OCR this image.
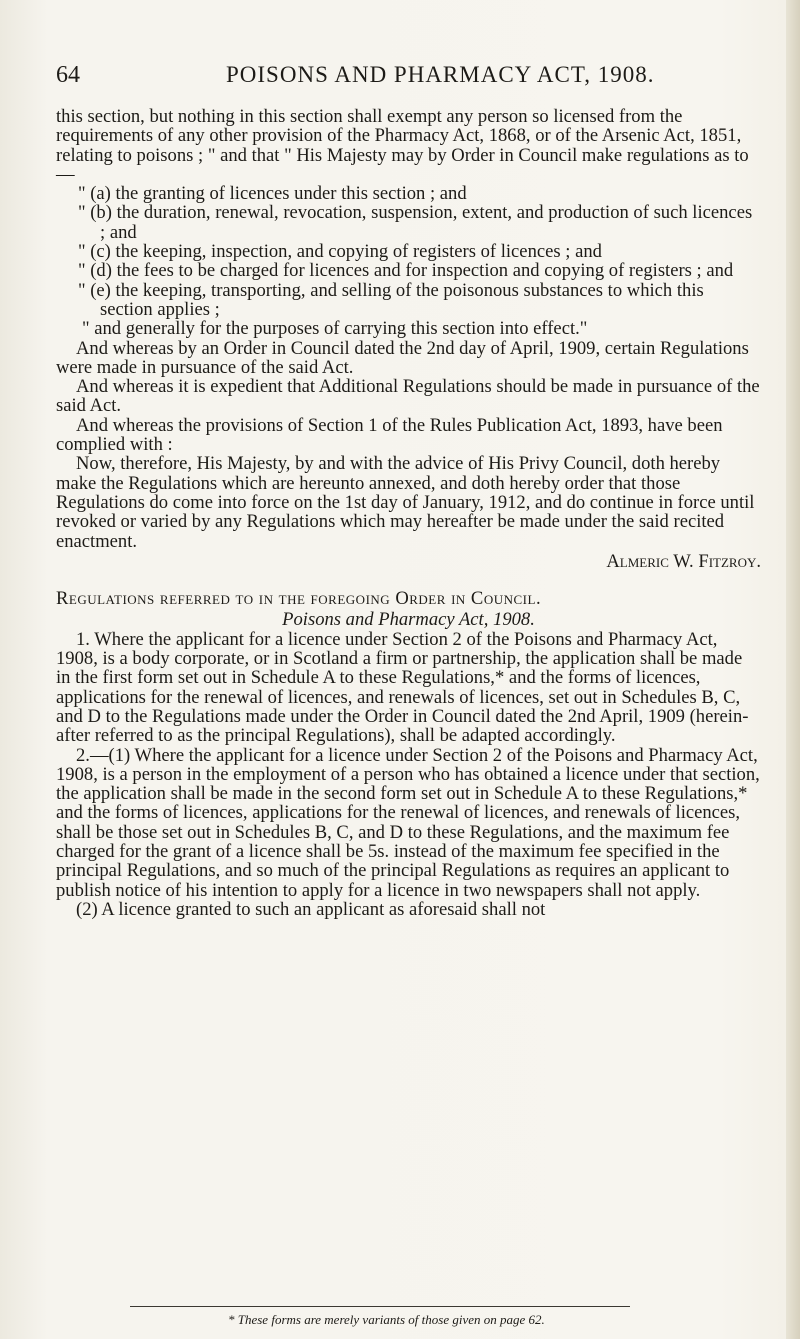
64	POISONS AND PHARMACY ACT, 1908.

this section, but nothing in this section shall exempt any person so licensed from the requirements of any other provision of the Pharmacy Act, 1868, or of the Arsenic Act, 1851, relating to poisons ; " and that " His Majesty may by Order in Council make regulations as to—

" (a) the granting of licences under this section ; and

" (b) the duration, renewal, revocation, suspension, extent, and production of such licences ; and

" (c) the keeping, inspection, and copying of registers of licences ; and

" (d) the fees to be charged for licences and for inspection and copying of registers ; and

" (e) the keeping, transporting, and selling of the poisonous substances to which this section applies ;

" and generally for the purposes of carrying this section into effect."

And whereas by an Order in Council dated the 2nd day of April, 1909, certain Regulations were made in pursuance of the said Act.

And whereas it is expedient that Additional Regulations should be made in pursuance of the said Act.

And whereas the provisions of Section 1 of the Rules Publication Act, 1893, have been complied with :

Now, therefore, His Majesty, by and with the advice of His Privy Council, doth hereby make the Regulations which are hereunto annexed, and doth hereby order that those Regulations do come into force on the 1st day of January, 1912, and do continue in force until revoked or varied by any Regulations which may hereafter be made under the said recited enactment.

Almeric W. Fitzroy.

Regulations referred to in the foregoing Order in Council.

Poisons and Pharmacy Act, 1908.

1. Where the applicant for a licence under Section 2 of the Poisons and Pharmacy Act, 1908, is a body corporate, or in Scotland a firm or partnership, the application shall be made in the first form set out in Schedule A to these Regulations,* and the forms of licences, applications for the renewal of licences, and renewals of licences, set out in Schedules B, C, and D to the Regulations made under the Order in Council dated the 2nd April, 1909 (herein-after referred to as the principal Regulations), shall be adapted accordingly.

2.—(1) Where the applicant for a licence under Section 2 of the Poisons and Pharmacy Act, 1908, is a person in the employment of a person who has obtained a licence under that section, the application shall be made in the second form set out in Schedule A to these Regulations,* and the forms of licences, applications for the renewal of licences, and renewals of licences, shall be those set out in Schedules B, C, and D to these Regulations, and the maximum fee charged for the grant of a licence shall be 5s. instead of the maximum fee specified in the principal Regulations, and so much of the principal Regulations as requires an applicant to publish notice of his intention to apply for a licence in two newspapers shall not apply.

(2) A licence granted to such an applicant as aforesaid shall not

* These forms are merely variants of those given on page 62.
